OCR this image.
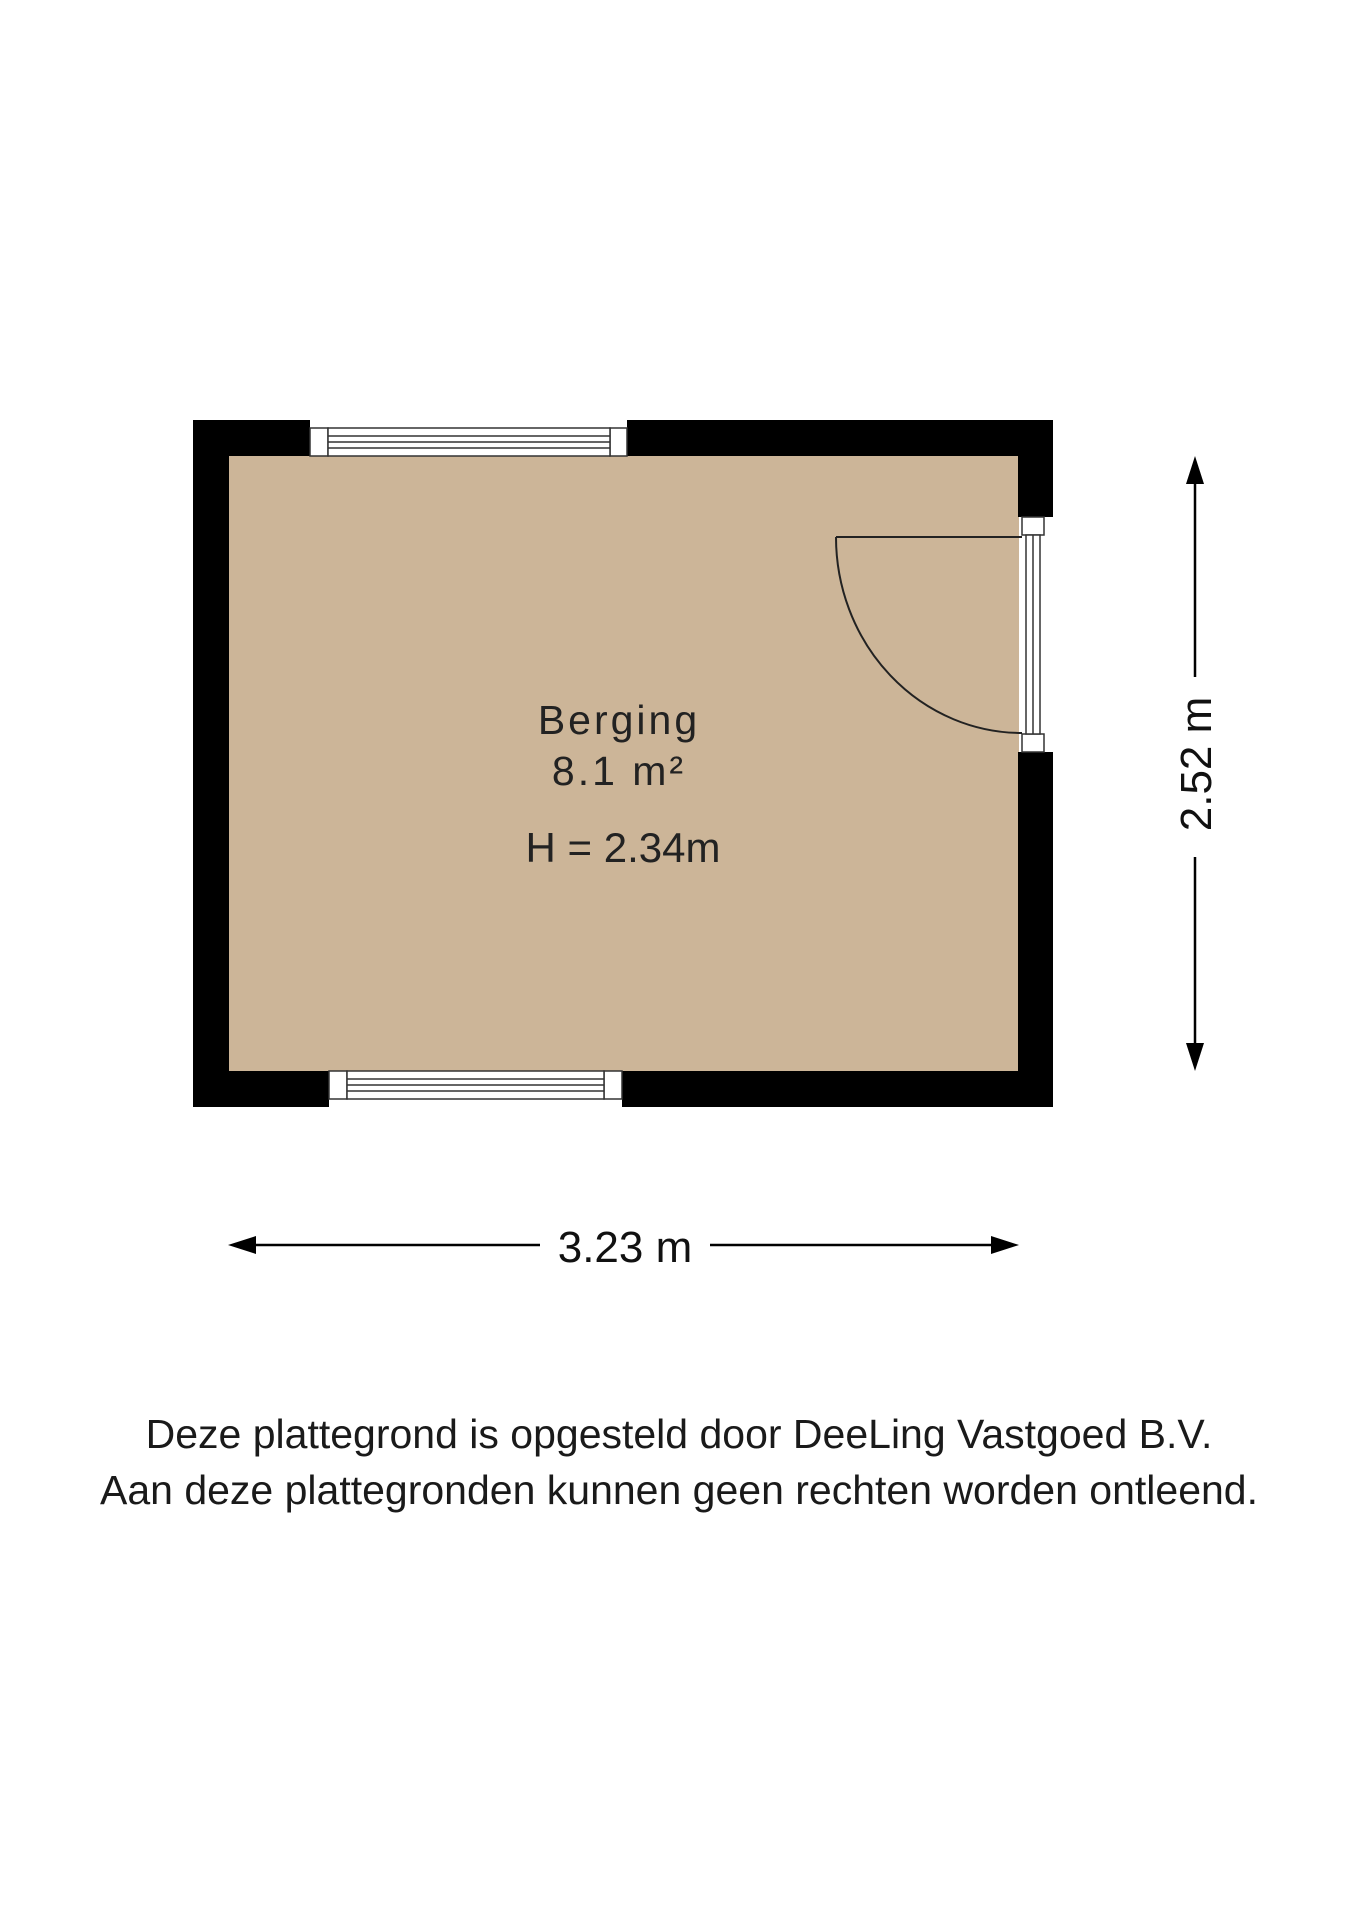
Berging
8.1 m²
H = 2.34m
3.23 m
2.52 m
Deze plattegrond is opgesteld door DeeLing Vastgoed B.V.
Aan deze plattegronden kunnen geen rechten worden ontleend.
